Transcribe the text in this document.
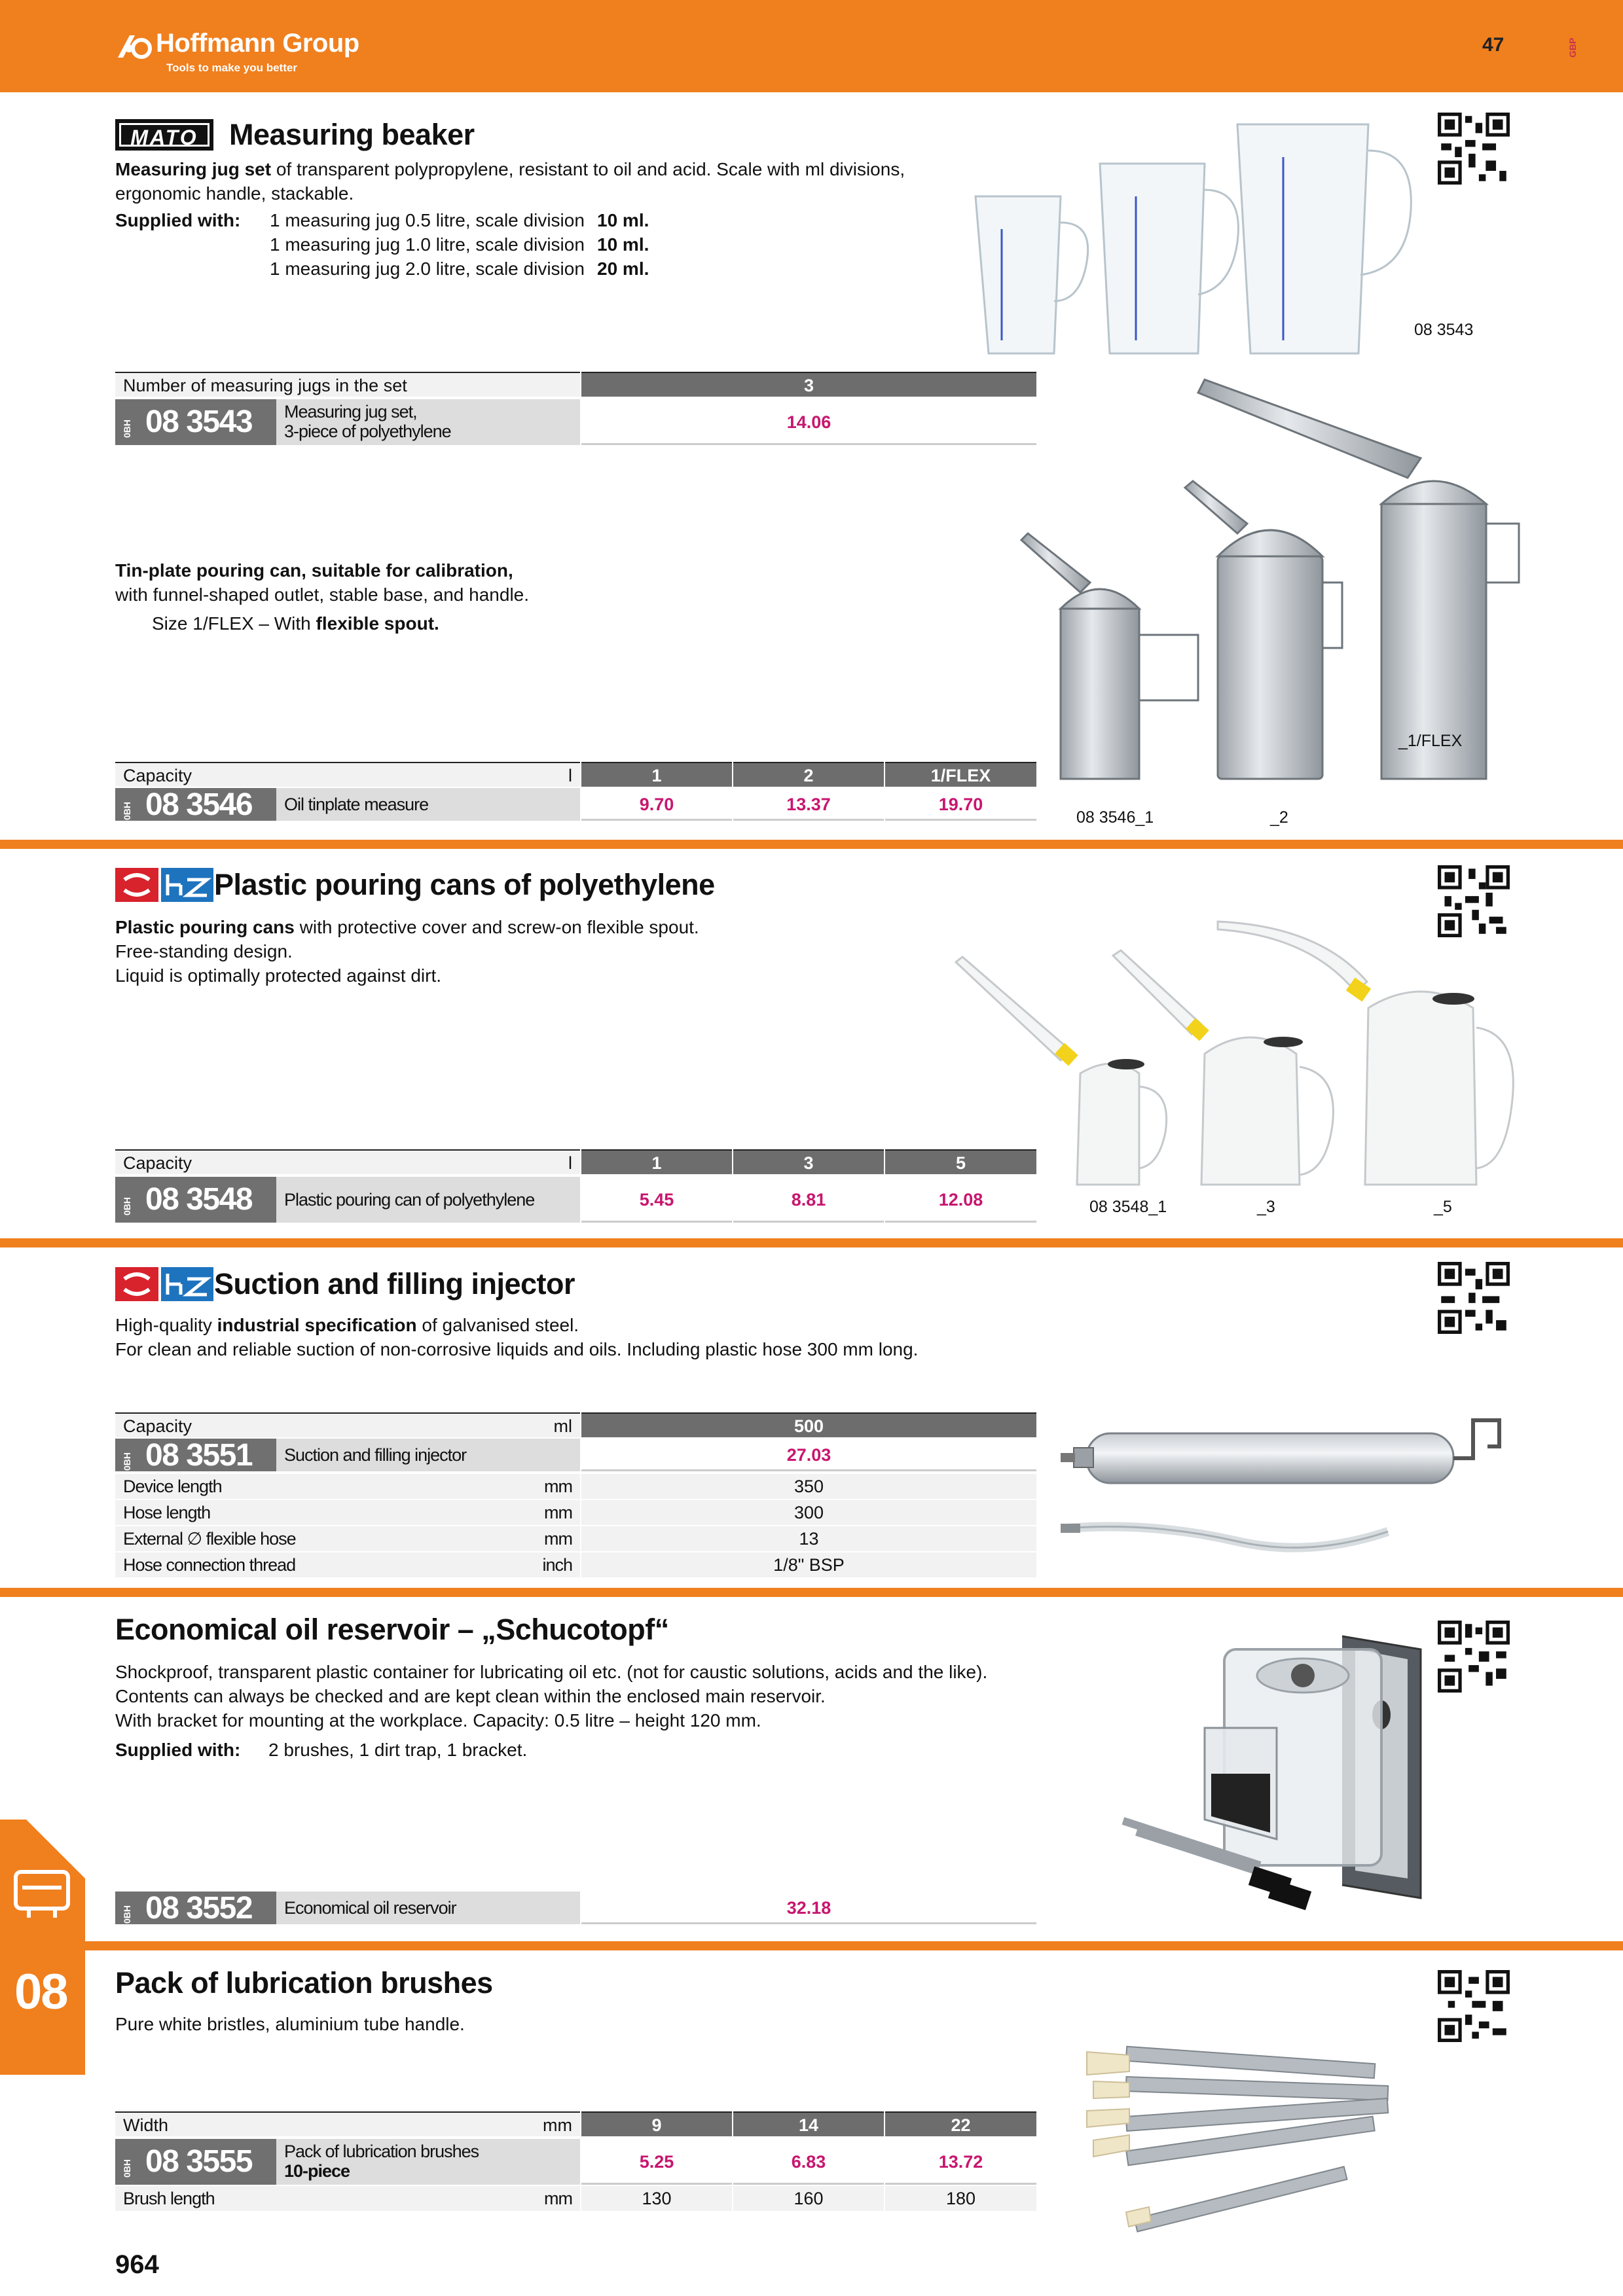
Hoffmann Group
Tools to make you better
47	GBP
MATO	Measuring beaker
Measuring jug set of transparent polypropylene, resistant to oil and acid. Scale with ml divisions,
ergonomic handle, stackable.
Supplied with: 1 measuring jug 0.5 litre, scale division 10 ml.
1 measuring jug 1.0 litre, scale division 10 ml.
1 measuring jug 2.0 litre, scale division 20 ml.
08 3543
Number of measuring jugs in the set	3
0BH 08 3543 Measuring jug set,
3-piece of polyethylene	14.06
Tin-plate pouring can, suitable for calibration,
with funnel-shaped outlet, stable base, and handle.
Size 1/FLEX – With flexible spout.
_1/FLEX
08 3546_1	_2
Capacity	l	1	2	1/FLEX
0BH 08 3546	Oil tinplate measure	9.70	13.37	19.70
Plastic pouring cans of polyethylene
Plastic pouring cans with protective cover and screw-on flexible spout.
Free-standing design.
Liquid is optimally protected against dirt.
Capacity	l	1	3	5
0BH 08 3548	Plastic pouring can of polyethylene	5.45	8.81	12.08	08 3548_1	_3	_5
Suction and filling injector
High-quality industrial specification of galvanised steel.
For clean and reliable suction of non-corrosive liquids and oils. Including plastic hose 300 mm long.
Capacity	ml	500
0BH 08 3551	Suction and filling injector	27.03
Device length	mm	350
Hose length	mm	300
External ∅ flexible hose	mm	13
Hose connection thread	inch	1/8" BSP
Economical oil reservoir – „Schucotopf“
Shockproof, transparent plastic container for lubricating oil etc. (not for caustic solutions, acids and the like).
Contents can always be checked and are kept clean within the enclosed main reservoir.
With bracket for mounting at the workplace. Capacity: 0.5 litre – height 120 mm.
Supplied with: 2 brushes, 1 dirt trap, 1 bracket.
0BH 08 3552	Economical oil reservoir	32.18
Pack of lubrication brushes
Pure white bristles, aluminium tube handle.
Width	mm	9	14	22
0BH 08 3555 Pack of lubrication brushes
10-piece	5.25	6.83	13.72
Brush length	mm	130	160	180
08
964
